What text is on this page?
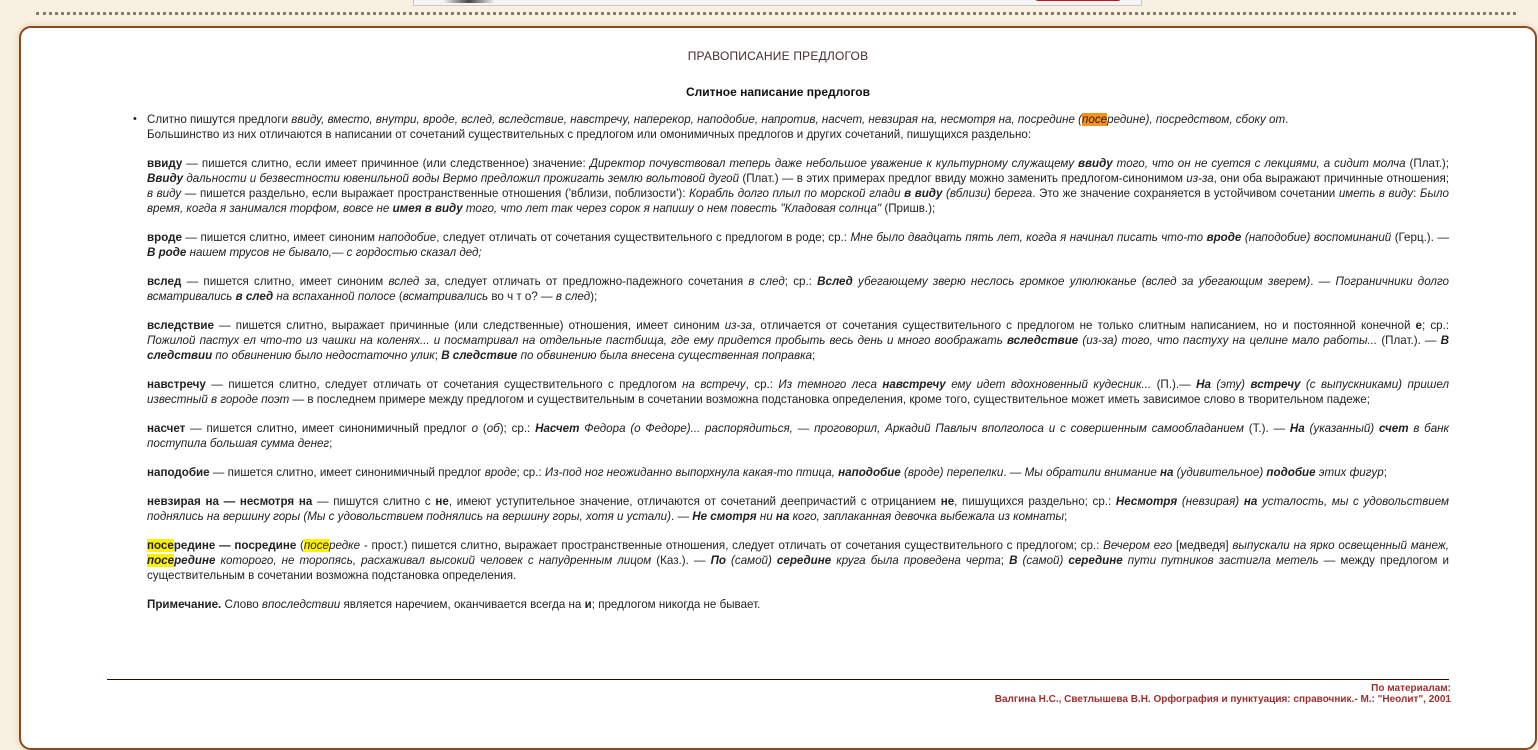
ПРАВОПИСАНИЕ ПРЕДЛОГОВ
Слитное написание предлогов
• Слитно пишутся предлоги ввиду, вместо, внутри, вроде, вслед, вследствие, навстречу, наперекор, наподобие, напротив, насчет, невзирая на, несмотря на, посредине (посередине), посредством, сбоку от.
Большинство из них отличаются в написании от сочетаний существительных с предлогом или омонимичных предлогов и других сочетаний, пишущихся раздельно:
ввиду — пишется слитно, если имеет причинное (или следственное) значение: Директор почувствовал теперь даже небольшое уважение к культурному служащему ввиду того, что он не суется с лекциями, а сидит молча (Плат.); Ввиду дальности и безвестности ювенильной воды Вермо предложил прожигать землю вольтовой дугой (Плат.) — в этих примерах предлог ввиду можно заменить предлогом-синонимом из-за, они оба выражают причинные отношения; в виду — пишется раздельно, если выражает пространственные отношения ('вблизи, поблизости'): Корабль долго плыл по морской глади в виду (вблизи) берега. Это же значение сохраняется в устойчивом сочетании иметь в виду: Было время, когда я занимался торфом, вовсе не имея в виду того, что лет так через сорок я напишу о нем повесть "Кладовая солнца" (Пришв.);
вроде — пишется слитно, имеет синоним наподобие, следует отличать от сочетания существительного с предлогом в роде; ср.: Мне было двадцать пять лет, когда я начинал писать что-то вроде (наподобие) воспоминаний (Герц.). — В роде нашем трусов не бывало,— с гордостью сказал дед;
вслед — пишется слитно, имеет синоним вслед за, следует отличать от предложно-падежного сочетания в след; ср.: Вслед убегающему зверю неслось громкое улюлюканье (вслед за убегающим зверем). — Пограничники долго всматривались в след на вспаханной полосе (всматривались во ч т о? — в след);
вследствие — пишется слитно, выражает причинные (или следственные) отношения, имеет синоним из-за, отличается от сочетания существительного с предлогом не только слитным написанием, но и постоянной конечной е; ср.: Пожилой пастух ел что-то из чашки на коленях... и посматривал на отдельные пастбища, где ему придется пробыть весь день и много воображать вследствие (из-за) того, что пастуху на целине мало работы... (Плат.). — В следствии по обвинению было недостаточно улик; В следствие по обвинению была внесена существенная поправка;
навстречу — пишется слитно, следует отличать от сочетания существительного с предлогом на встречу, ср.: Из темного леса навстречу ему идет вдохновенный кудесник... (П.).— На (эту) встречу (с выпускниками) пришел известный в городе поэт — в последнем примере между предлогом и существительным в сочетании возможна подстановка определения, кроме того, существительное может иметь зависимое слово в творительном падеже;
насчет — пишется слитно, имеет синонимичный предлог о (об); ср.: Насчет Федора (о Федоре)... распорядиться, — проговорил, Аркадий Павлыч вполголоса и с совершенным самообладанием (Т.). — На (указанный) счет в банк поступила большая сумма денег;
наподобие — пишется слитно, имеет синонимичный предлог вроде; ср.: Из-под ног неожиданно выпорхнула какая-то птица, наподобие (вроде) перепелки. — Мы обратили внимание на (удивительное) подобие этих фигур;
невзирая на — несмотря на — пишутся слитно с не, имеют уступительное значение, отличаются от сочетаний деепричастий с отрицанием не, пишущихся раздельно; ср.: Несмотря (невзирая) на усталость, мы с удовольствием поднялись на вершину горы (Мы с удовольствием поднялись на вершину горы, хотя и устали). — Не смотря ни на кого, заплаканная девочка выбежала из комнаты;
посередине — посредине (посередке - прост.) пишется слитно, выражает пространственные отношения, следует отличать от сочетания существительного с предлогом; ср.: Вечером его [медведя] выпускали на ярко освещенный манеж, посередине которого, не торопясь, расхаживал высокий человек с напудренным лицом (Каз.). — По (самой) середине круга была проведена черта; В (самой) середине пути путников застигла метель — между предлогом и существительным в сочетании возможна подстановка определения.
Примечание. Слово впоследствии является наречием, оканчивается всегда на и; предлогом никогда не бывает.
По материалам:
Валгина Н.С., Светлышева В.Н. Орфография и пунктуация: справочник.- М.: "Неолит", 2001
